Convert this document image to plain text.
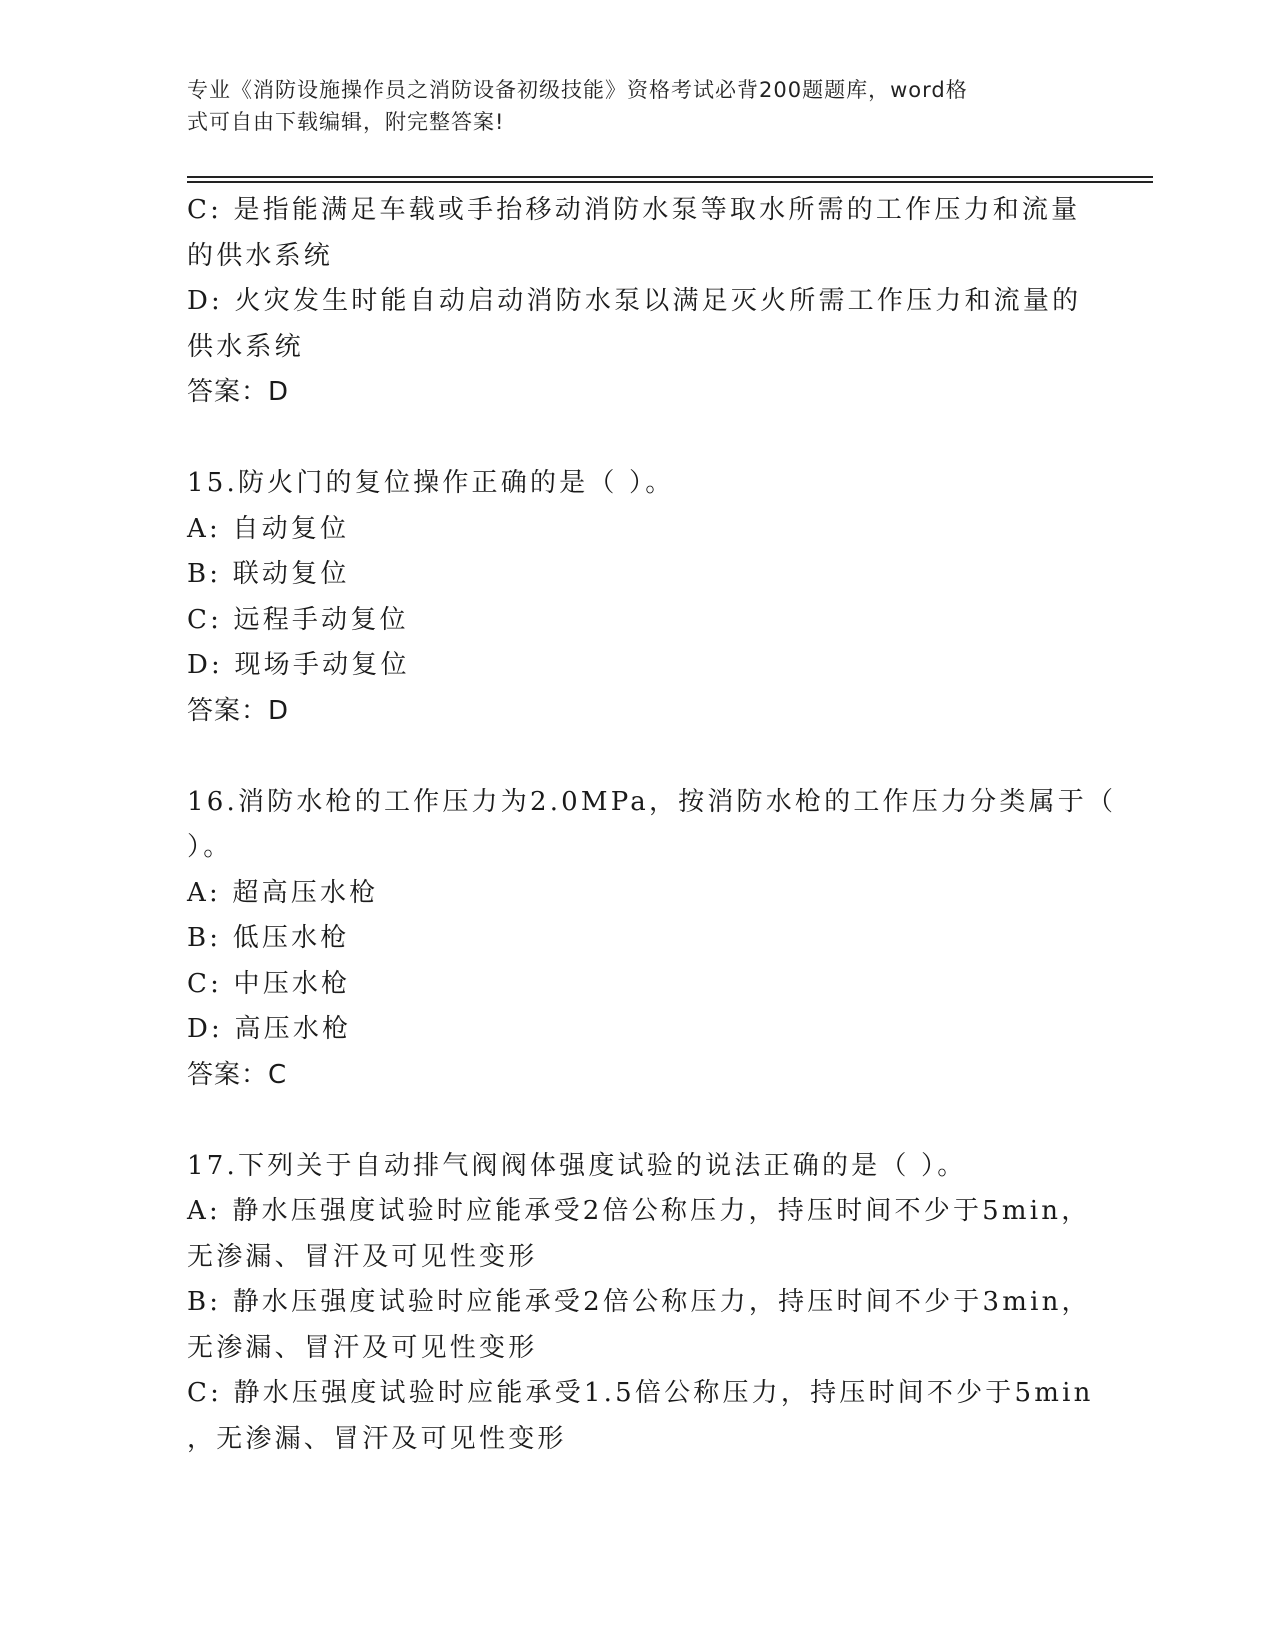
专业《消防设施操作员之消防设备初级技能》资格考试必背200题题库，word格
式可自由下载编辑，附完整答案!
C: 是指能满足车载或手抬移动消防水泵等取水所需的工作压力和流量
的供水系统
D: 火灾发生时能自动启动消防水泵以满足灭火所需工作压力和流量的
供水系统
答案：D
15.防火门的复位操作正确的是（ ）。
A: 自动复位
B: 联动复位
C: 远程手动复位
D: 现场手动复位
答案：D
16.消防水枪的工作压力为2.0MPa，按消防水枪的工作压力分类属于（
）。
A: 超高压水枪
B: 低压水枪
C: 中压水枪
D: 高压水枪
答案：C
17.下列关于自动排气阀阀体强度试验的说法正确的是（ ）。
A: 静水压强度试验时应能承受2倍公称压力，持压时间不少于5min，
无渗漏、冒汗及可见性变形
B: 静水压强度试验时应能承受2倍公称压力，持压时间不少于3min，
无渗漏、冒汗及可见性变形
C: 静水压强度试验时应能承受1.5倍公称压力，持压时间不少于5min
，无渗漏、冒汗及可见性变形
